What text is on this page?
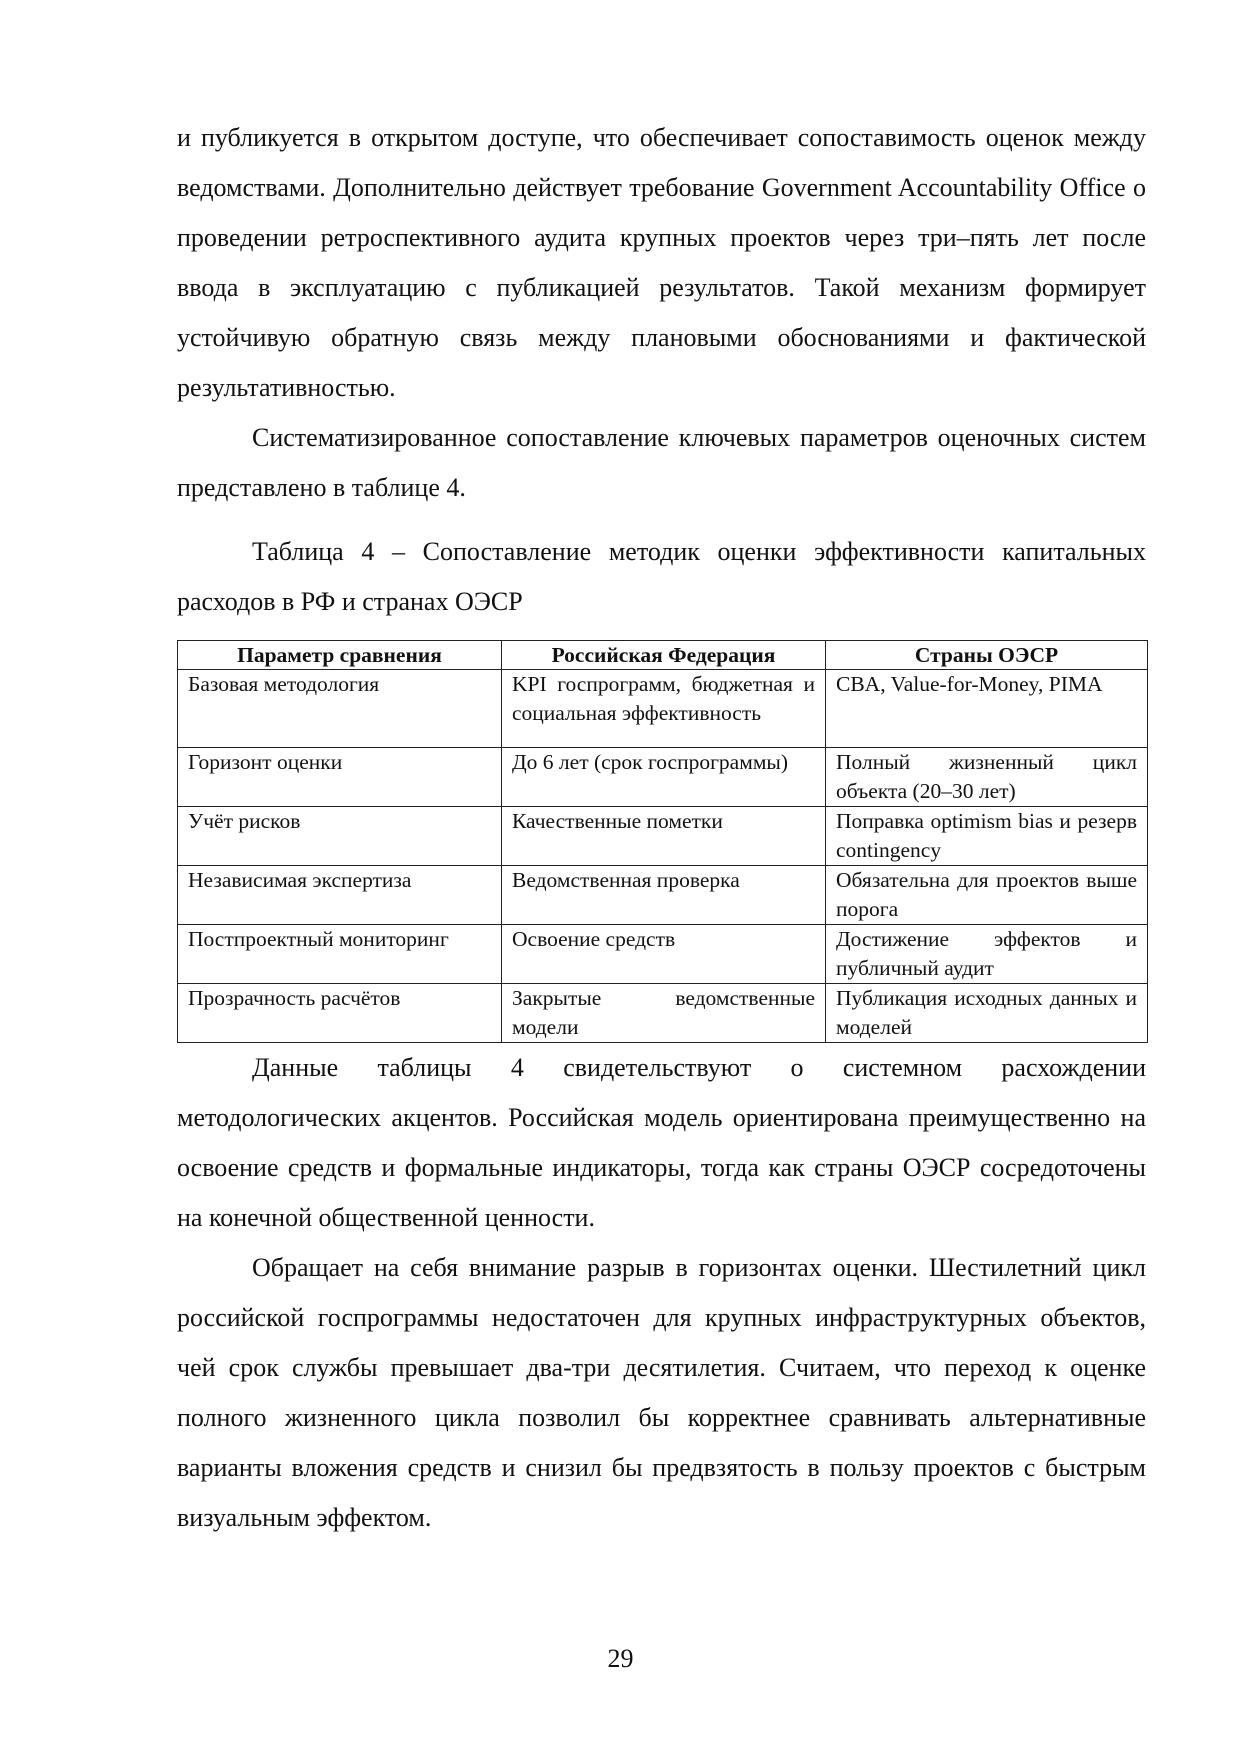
и публикуется в открытом доступе, что обеспечивает сопоставимость оценок между ведомствами. Дополнительно действует требование Government Accountability Office о проведении ретроспективного аудита крупных проектов через три–пять лет после ввода в эксплуатацию с публикацией результатов. Такой механизм формирует устойчивую обратную связь между плановыми обоснованиями и фактической результативностью.

Систематизированное сопоставление ключевых параметров оценочных систем представлено в таблице 4.

Таблица 4 – Сопоставление методик оценки эффективности капитальных расходов в РФ и странах ОЭСР

Параметр сравнения	Российская Федерация	Страны ОЭСР
Базовая методология	KPI госпрограмм, бюджетная и социальная эффективность	CBA, Value-for-Money, PIMA
Горизонт оценки	До 6 лет (срок госпрограммы)	Полный жизненный цикл объекта (20–30 лет)
Учёт рисков	Качественные пометки	Поправка optimism bias и резерв contingency
Независимая экспертиза	Ведомственная проверка	Обязательна для проектов выше порога
Постпроектный мониторинг	Освоение средств	Достижение эффектов и публичный аудит
Прозрачность расчётов	Закрытые ведомственные модели	Публикация исходных данных и моделей

Данные таблицы 4 свидетельствуют о системном расхождении методологических акцентов. Российская модель ориентирована преимущественно на освоение средств и формальные индикаторы, тогда как страны ОЭСР сосредоточены на конечной общественной ценности.

Обращает на себя внимание разрыв в горизонтах оценки. Шестилетний цикл российской госпрограммы недостаточен для крупных инфраструктурных объектов, чей срок службы превышает два-три десятилетия. Считаем, что переход к оценке полного жизненного цикла позволил бы корректнее сравнивать альтернативные варианты вложения средств и снизил бы предвзятость в пользу проектов с быстрым визуальным эффектом.

29
